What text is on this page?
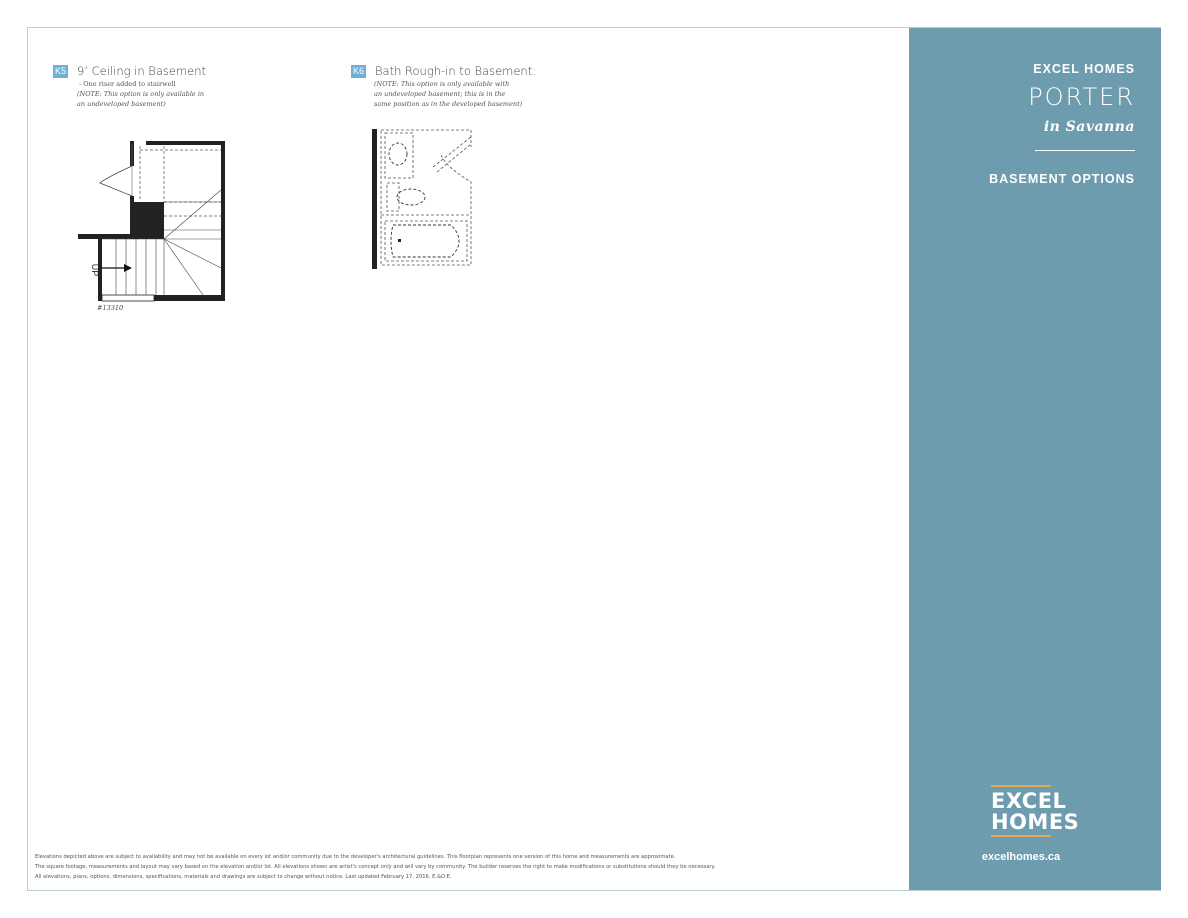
K5 9’ Ceiling in Basement
- One riser added to stairwell
(NOTE: This option is only available in
an undeveloped basement)
UP
#13310
K6 Bath Rough-in to Basement:
(NOTE: This option is only available with
an undeveloped basement; this is in the
same position as in the developed basement)
Elevations depicted above are subject to availability and may not be available on every lot and/or community due to the developer's architectural guidelines. This floorplan represents one version of this home and measurements are approximate.
The square footage, measurements and layout may vary based on the elevation and/or lot. All elevations shown are artist's concept only and will vary by community. The builder reserves the right to make modifications or substitutions should they be necessary.
All elevations, plans, options, dimensions, specifications, materials and drawings are subject to change without notice. Last updated February 17, 2016. E.&O.E.
EXCEL HOMES
PORTER
in Savanna
BASEMENT OPTIONS
EXCEL
HOMES
excelhomes.ca
